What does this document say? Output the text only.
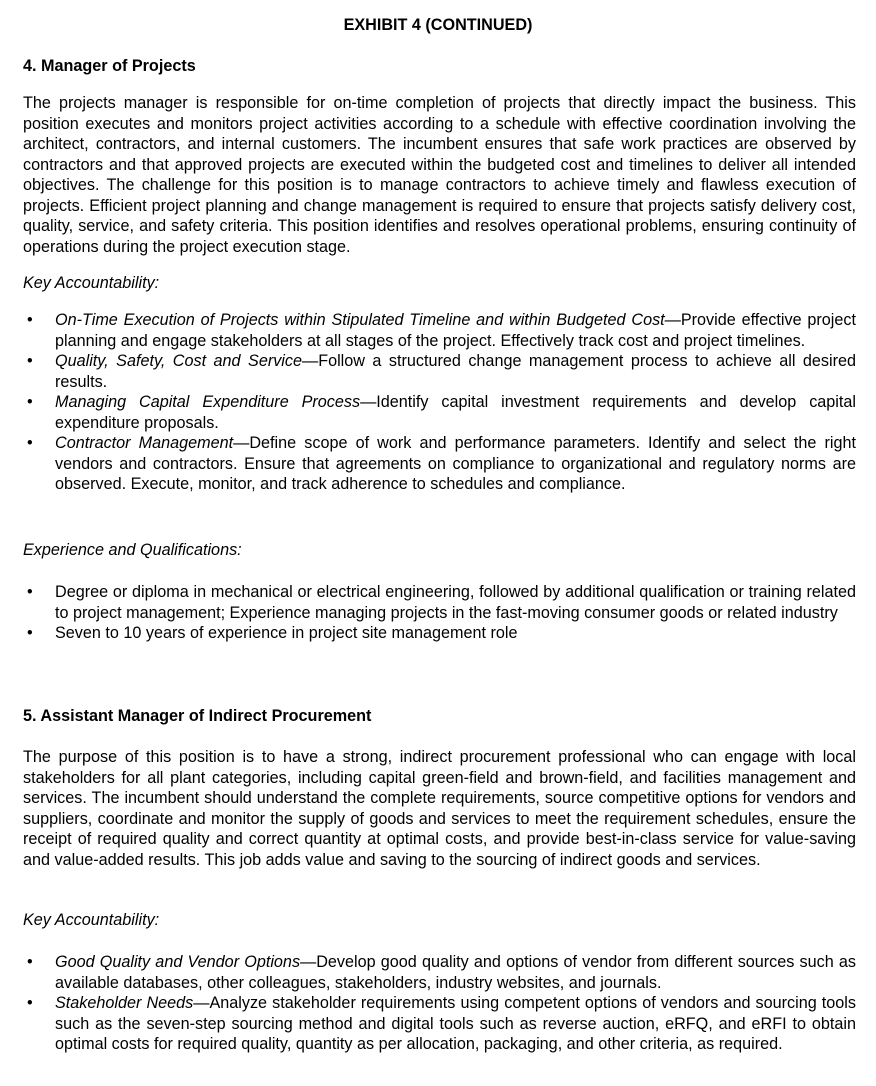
EXHIBIT 4 (CONTINUED)
4. Manager of Projects

The projects manager is responsible for on-time completion of projects that directly impact the business. This position executes and monitors project activities according to a schedule with effective coordination involving the architect, contractors, and internal customers. The incumbent ensures that safe work practices are observed by contractors and that approved projects are executed within the budgeted cost and timelines to deliver all intended objectives. The challenge for this position is to manage contractors to achieve timely and flawless execution of projects. Efficient project planning and change management is required to ensure that projects satisfy delivery cost, quality, service, and safety criteria. This position identifies and resolves operational problems, ensuring continuity of operations during the project execution stage.

Key Accountability:
• On-Time Execution of Projects within Stipulated Timeline and within Budgeted Cost—Provide effective project planning and engage stakeholders at all stages of the project. Effectively track cost and project timelines.
• Quality, Safety, Cost and Service—Follow a structured change management process to achieve all desired results.
• Managing Capital Expenditure Process—Identify capital investment requirements and develop capital expenditure proposals.
• Contractor Management—Define scope of work and performance parameters. Identify and select the right vendors and contractors. Ensure that agreements on compliance to organizational and regulatory norms are observed. Execute, monitor, and track adherence to schedules and compliance.
Experience and Qualifications:
• Degree or diploma in mechanical or electrical engineering, followed by additional qualification or training related to project management; Experience managing projects in the fast-moving consumer goods or related industry
• Seven to 10 years of experience in project site management role
5. Assistant Manager of Indirect Procurement

The purpose of this position is to have a strong, indirect procurement professional who can engage with local stakeholders for all plant categories, including capital green-field and brown-field, and facilities management and services. The incumbent should understand the complete requirements, source competitive options for vendors and suppliers, coordinate and monitor the supply of goods and services to meet the requirement schedules, ensure the receipt of required quality and correct quantity at optimal costs, and provide best-in-class service for value-saving and value-added results. This job adds value and saving to the sourcing of indirect goods and services.

Key Accountability:
• Good Quality and Vendor Options—Develop good quality and options of vendor from different sources such as available databases, other colleagues, stakeholders, industry websites, and journals.
• Stakeholder Needs—Analyze stakeholder requirements using competent options of vendors and sourcing tools such as the seven-step sourcing method and digital tools such as reverse auction, eRFQ, and eRFI to obtain optimal costs for required quality, quantity as per allocation, packaging, and other criteria, as required.
